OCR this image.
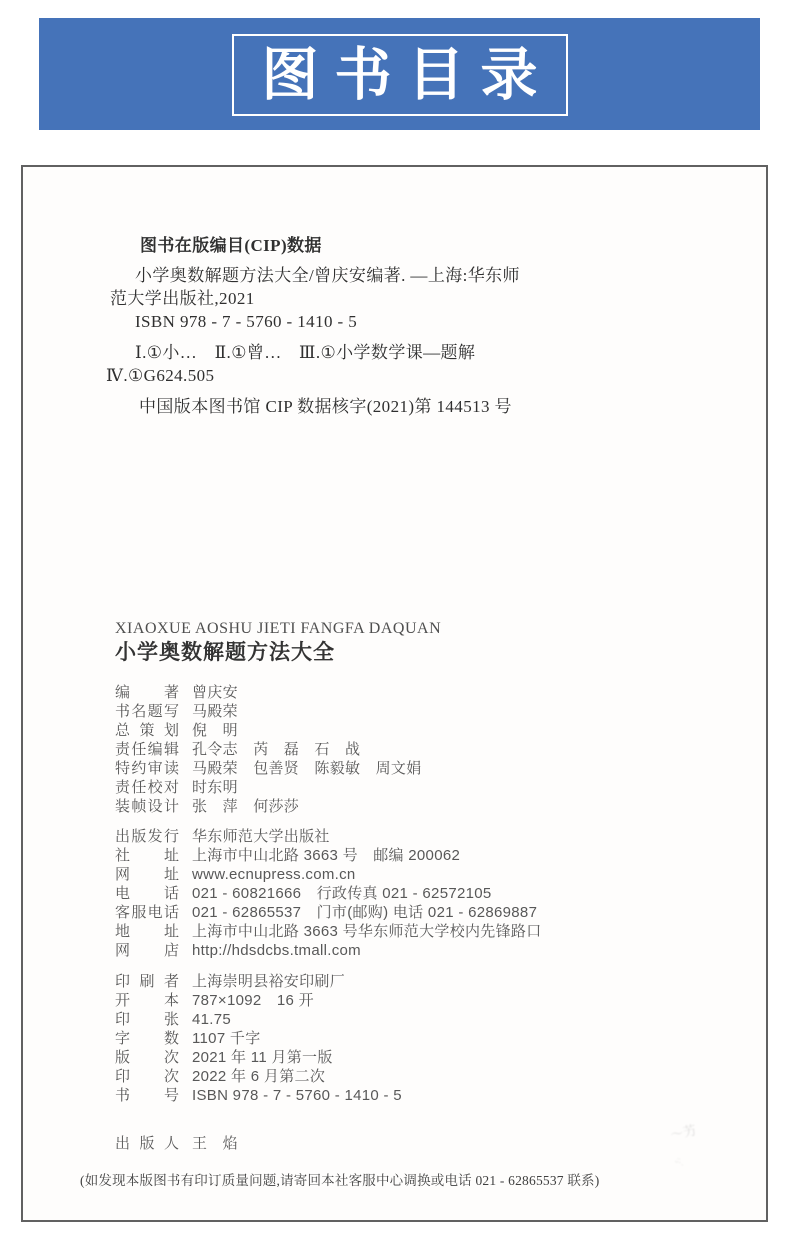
图书目录
图书在版编目(CIP)数据
小学奥数解题方法大全/曾庆安编著. —上海:华东师
范大学出版社,2021
ISBN 978 - 7 - 5760 - 1410 - 5
Ⅰ.①小…　Ⅱ.①曾…　Ⅲ.①小学数学课—题解
Ⅳ.①G624.505
中国版本图书馆 CIP 数据核字(2021)第 144513 号
XIAOXUE AOSHU JIETI FANGFA DAQUAN
小学奥数解题方法大全
编著 曾庆安
书名题写 马殿荣
总策划 倪　明
责任编辑 孔令志　芮　磊　石　战
特约审读 马殿荣　包善贤　陈毅敏　周文娟
责任校对 时东明
装帧设计 张　萍　何莎莎
出版发行 华东师范大学出版社
社址 上海市中山北路 3663 号　邮编 200062
网址 www.ecnupress.com.cn
电话 021 - 60821666　行政传真 021 - 62572105
客服电话 021 - 62865537　门市(邮购) 电话 021 - 62869887
地址 上海市中山北路 3663 号华东师范大学校内先锋路口
网店 http://hdsdcbs.tmall.com
印刷者 上海崇明县裕安印刷厂
开本 787×1092　16 开
印张 41.75
字数 1107 千字
版次 2021 年 11 月第一版
印次 2022 年 6 月第二次
书号 ISBN 978 - 7 - 5760 - 1410 - 5
出版人 王　焰
(如发现本版图书有印订质量问题,请寄回本社客服中心调换或电话 021 - 62865537 联系)
〜艻
ᵕ̈·.
